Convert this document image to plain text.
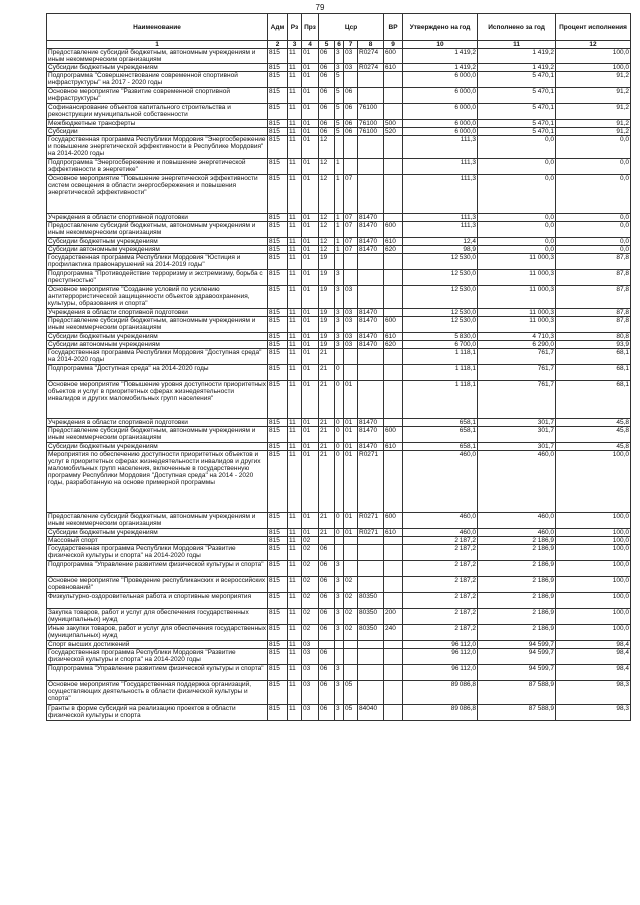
79
Наименование	Адм	Рз	Прз	Цср				ВР	Утверждено на год	Исполнено за год	Процент исполнения
1	2	3	4	5	6	7	8	9	10	11	12
Предоставление субсидий бюджетным, автономным учреждениям и иным некоммерческим организациям	815	11	01	06	3	03	R0274	600	1 419,2	1 419,2	100,0
Субсидии бюджетным учреждениям	815	11	01	06	3	03	R0274	610	1 419,2	1 419,2	100,0
Подпрограмма "Совершенствование современной спортивной инфраструктуры" на 2017 - 2020 годы	815	11	01	06	5				6 000,0	5 470,1	91,2
Основное мероприятие "Развитие современной спортивной инфраструктуры"	815	11	01	06	5	06			6 000,0	5 470,1	91,2
Софинансирование объектов капитального строительства и реконструкции муниципальной собственности	815	11	01	06	5	06	76100		6 000,0	5 470,1	91,2
Межбюджетные трансферты	815	11	01	06	5	06	76100	500	6 000,0	5 470,1	91,2
Субсидии	815	11	01	06	5	06	76100	520	6 000,0	5 470,1	91,2
Государственная программа Республики Мордовия "Энергосбережение и повышение энергетической эффективности в Республике Мордовия" на 2014-2020 годы	815	11	01	12					111,3	0,0	0,0
Подпрограмма "Энергосбережение и повышение энергетической эффективности в энергетике"	815	11	01	12	1				111,3	0,0	0,0
Основное мероприятие "Повышение энергетической эффективности систем освещения в области энергосбережения и повышения энергетической эффективности"	815	11	01	12	1	07			111,3	0,0	0,0
Учреждения в области спортивной подготовки	815	11	01	12	1	07	81470		111,3	0,0	0,0
Предоставление субсидий бюджетным, автономным учреждениям и иным некоммерческим организациям	815	11	01	12	1	07	81470	600	111,3	0,0	0,0
Субсидии бюджетным учреждениям	815	11	01	12	1	07	81470	610	12,4	0,0	0,0
Субсидии автономным учреждениям	815	11	01	12	1	07	81470	620	98,9	0,0	0,0
Государственная программа Республики Мордовия "Юстиция и профилактика правонарушений на 2014-2019 годы"	815	11	01	19					12 530,0	11 000,3	87,8
Подпрограмма "Противодействие терроризму и экстремизму, борьба с преступностью"	815	11	01	19	3				12 530,0	11 000,3	87,8
Основное мероприятие "Создание условий по усилению антитеррористической защищенности объектов здравоохранения, культуры, образования и спорта"	815	11	01	19	3	03			12 530,0	11 000,3	87,8
Учреждения в области спортивной подготовки	815	11	01	19	3	03	81470		12 530,0	11 000,3	87,8
Предоставление субсидий бюджетным, автономным учреждениям и иным некоммерческим организациям	815	11	01	19	3	03	81470	600	12 530,0	11 000,3	87,8
Субсидии бюджетным учреждениям	815	11	01	19	3	03	81470	610	5 830,0	4 710,3	80,8
Субсидии автономным учреждениям	815	11	01	19	3	03	81470	620	6 700,0	6 290,0	93,9
Государственная программа Республики Мордовия "Доступная среда" на 2014-2020 годы	815	11	01	21					1 118,1	761,7	68,1
Подпрограмма "Доступная среда" на 2014-2020 годы	815	11	01	21	0				1 118,1	761,7	68,1
Основное мероприятие "Повышение уровня доступности приоритетных объектов и услуг в приоритетных сферах жизнедеятельности инвалидов и других маломобильных групп населения"	815	11	01	21	0	01			1 118,1	761,7	68,1
Учреждения в области спортивной подготовки	815	11	01	21	0	01	81470		658,1	301,7	45,8
Предоставление субсидий бюджетным, автономным учреждениям и иным некоммерческим организациям	815	11	01	21	0	01	81470	600	658,1	301,7	45,8
Субсидии бюджетным учреждениям	815	11	01	21	0	01	81470	610	658,1	301,7	45,8
Мероприятия по обеспечению доступности приоритетных объектов и услуг в приоритетных сферах жизнедеятельности инвалидов и других маломобильных групп населения, включенные в государственную программу Республики Мордовия "Доступная среда" на 2014 - 2020 годы, разработанную на основе примерной программы	815	11	01	21	0	01	R0271		460,0	460,0	100,0
Предоставление субсидий бюджетным, автономным учреждениям и иным некоммерческим организациям	815	11	01	21	0	01	R0271	600	460,0	460,0	100,0
Субсидии бюджетным учреждениям	815	11	01	21	0	01	R0271	610	460,0	460,0	100,0
Массовый спорт	815	11	02						2 187,2	2 186,9	100,0
Государственная программа Республики Мордовия "Развитие физической культуры и спорта" на 2014-2020 годы	815	11	02	06					2 187,2	2 186,9	100,0
Подпрограмма "Управление развитием физической культуры и спорта"	815	11	02	06	3				2 187,2	2 186,9	100,0
Основное мероприятие "Проведение республиканских и всероссийских соревнований"	815	11	02	06	3	02			2 187,2	2 186,9	100,0
Физкультурно-оздоровительная работа и спортивные мероприятия	815	11	02	06	3	02	80350		2 187,2	2 186,9	100,0
Закупка товаров, работ и услуг для обеспечения государственных (муниципальных) нужд	815	11	02	06	3	02	80350	200	2 187,2	2 186,9	100,0
Иные закупки товаров, работ и услуг для обеспечения государственных (муниципальных) нужд	815	11	02	06	3	02	80350	240	2 187,2	2 186,9	100,0
Спорт высших достижений	815	11	03						96 112,0	94 599,7	98,4
Государственная программа Республики Мордовия "Развитие физической культуры и спорта" на 2014-2020 годы	815	11	03	06					96 112,0	94 599,7	98,4
Подпрограмма "Управление развитием физической культуры и спорта"	815	11	03	06	3				96 112,0	94 599,7	98,4
Основное мероприятие "Государственная поддержка организаций, осуществляющих деятельность в области физической культуры и спорта"	815	11	03	06	3	05			89 086,8	87 588,9	98,3
Гранты в форме субсидий на реализацию проектов в области физической культуры и спорта	815	11	03	06	3	05	84040		89 086,8	87 588,9	98,3
